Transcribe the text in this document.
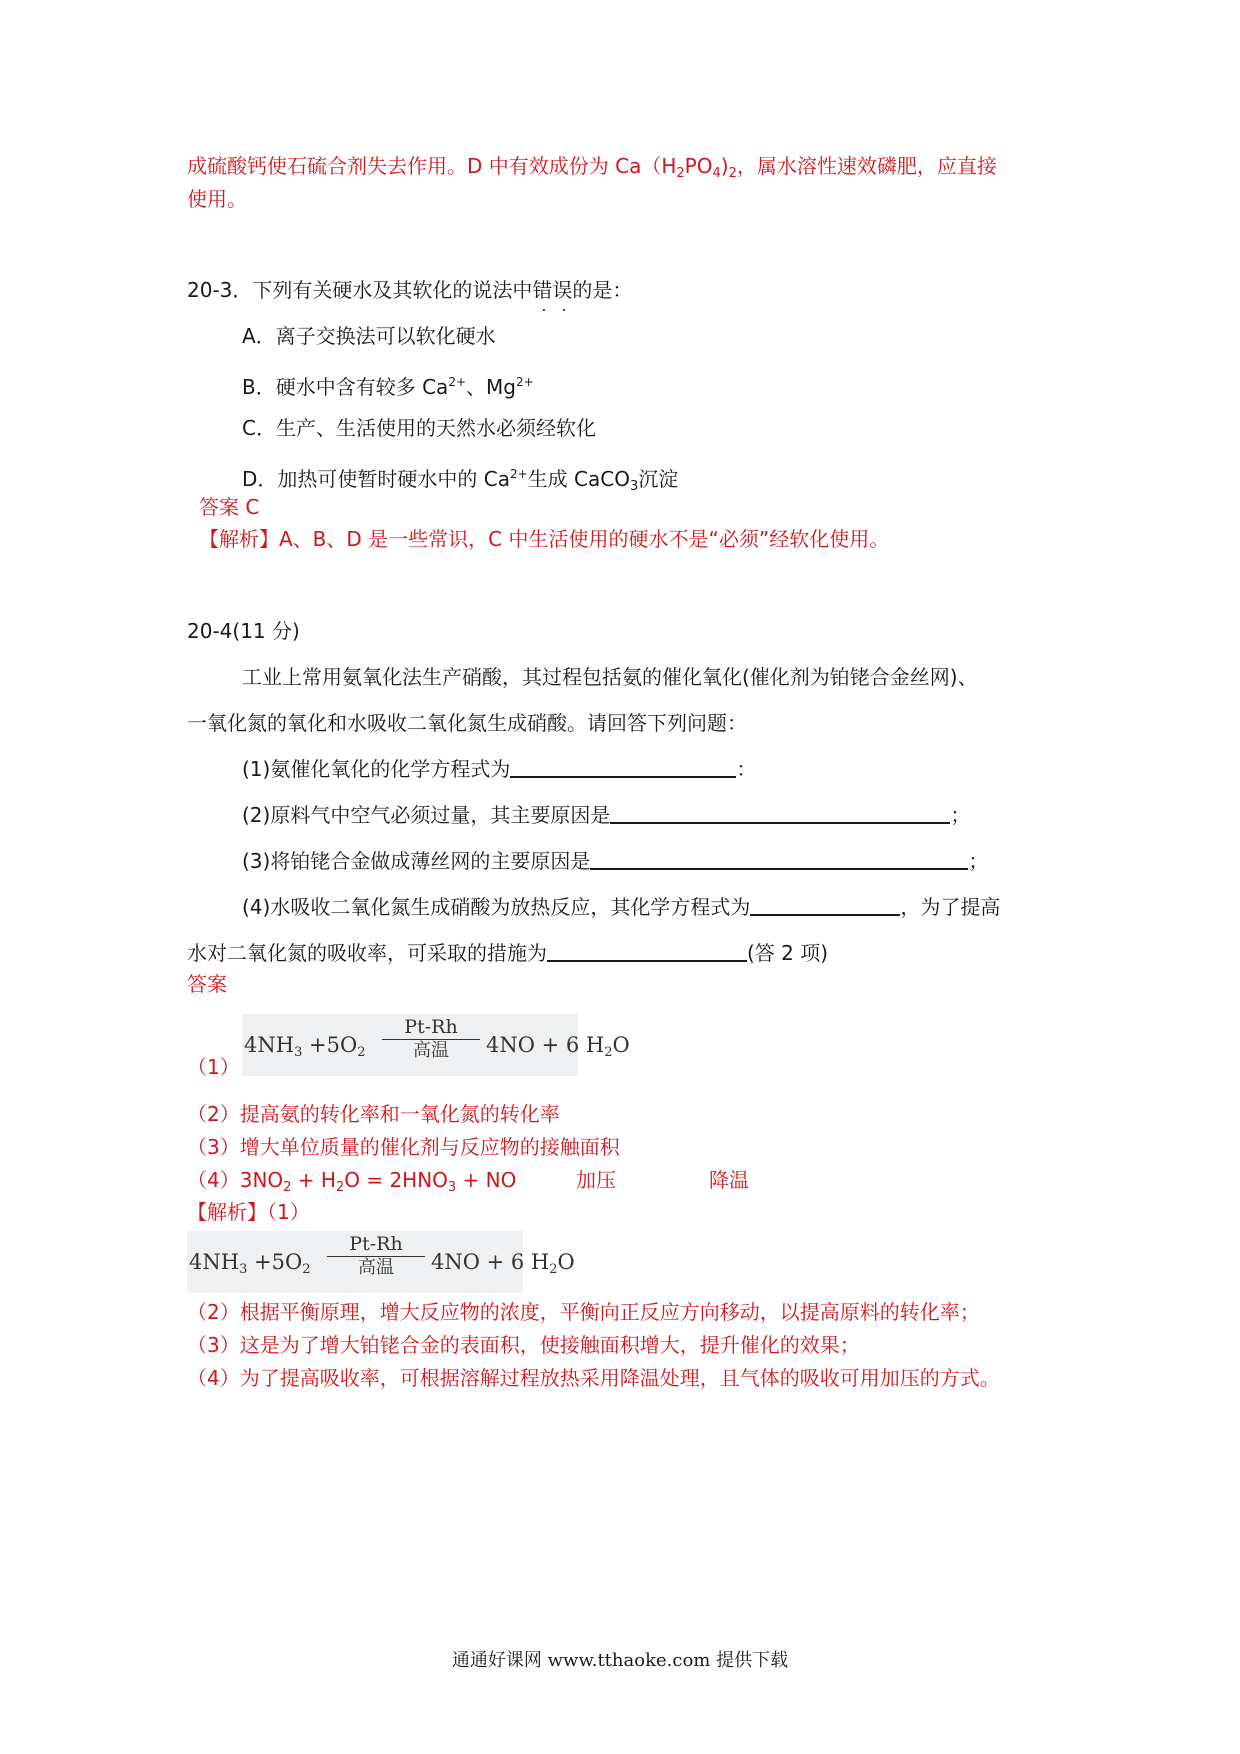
成硫酸钙使石硫合剂失去作用。D 中有效成份为 $Ca(H_2PO_4)_2$，属水溶性速效磷肥，应直接
使用。
20-3．下列有关硬水及其软化的说法中错误的是：
A．离子交换法可以软化硬水
B．硬水中含有较多 $Ca^{2+}$、$Mg^{2+}$
C．生产、生活使用的天然水必须经软化
D．加热可使暂时硬水中的 $Ca^{2+}$生成 CaCO$_3$沉淀
答案 C
【解析】A、B、D 是一些常识，C 中生活使用的硬水不是“必须”经软化使用。
20-4(11 分)
工业上常用氨氧化法生产硝酸，其过程包括氨的催化氧化(催化剂为铂铑合金丝网)、
一氧化氮的氧化和水吸收二氧化氮生成硝酸。请回答下列问题：
(1)氨催化氧化的化学方程式为	：
(2)原料气中空气必须过量，其主要原因是	；
(3)将铂铑合金做成薄丝网的主要原因是	；
(4)水吸收二氧化氮生成硝酸为放热反应，其化学方程式为	，为了提高
水对二氧化氮的吸收率，可采取的措施为	(答 2 项)
答案
（1）
$4NH_3 +5O_2$
Pt-Rh
高温	4NO + 6 $H_2O$
（2）提高氨的转化率和一氧化氮的转化率
（3）增大单位质量的催化剂与反应物的接触面积
$(4)3NO_2 + H_2O = 2HNO_3$ + NO	加压	降温
【解析】（1）
$4NH_3 +5O_2$
Pt-Rh
高温	4NO + 6 $H_2O$
（2）根据平衡原理，增大反应物的浓度，平衡向正反应方向移动，以提高原料的转化率；
（3）这是为了增大铂铑合金的表面积，使接触面积增大，提升催化的效果；
（4）为了提高吸收率，可根据溶解过程放热采用降温处理，且气体的吸收可用加压的方式。
通通好课网 www.tthaoke.com 提供下载
